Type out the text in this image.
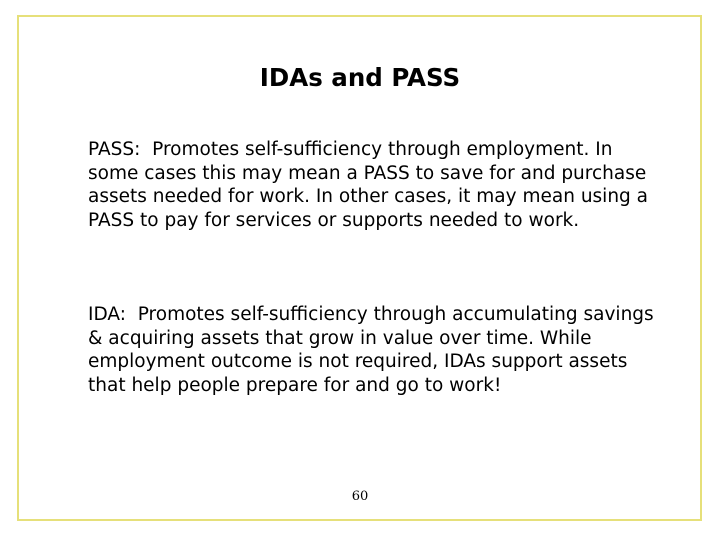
IDAs and PASS

PASS: Promotes self-sufficiency through employment. In some cases this may mean a PASS to save for and purchase assets needed for work. In other cases, it may mean using a PASS to pay for services or supports needed to work.

IDA: Promotes self-sufficiency through accumulating savings & acquiring assets that grow in value over time. While employment outcome is not required, IDAs support assets that help people prepare for and go to work!

60
